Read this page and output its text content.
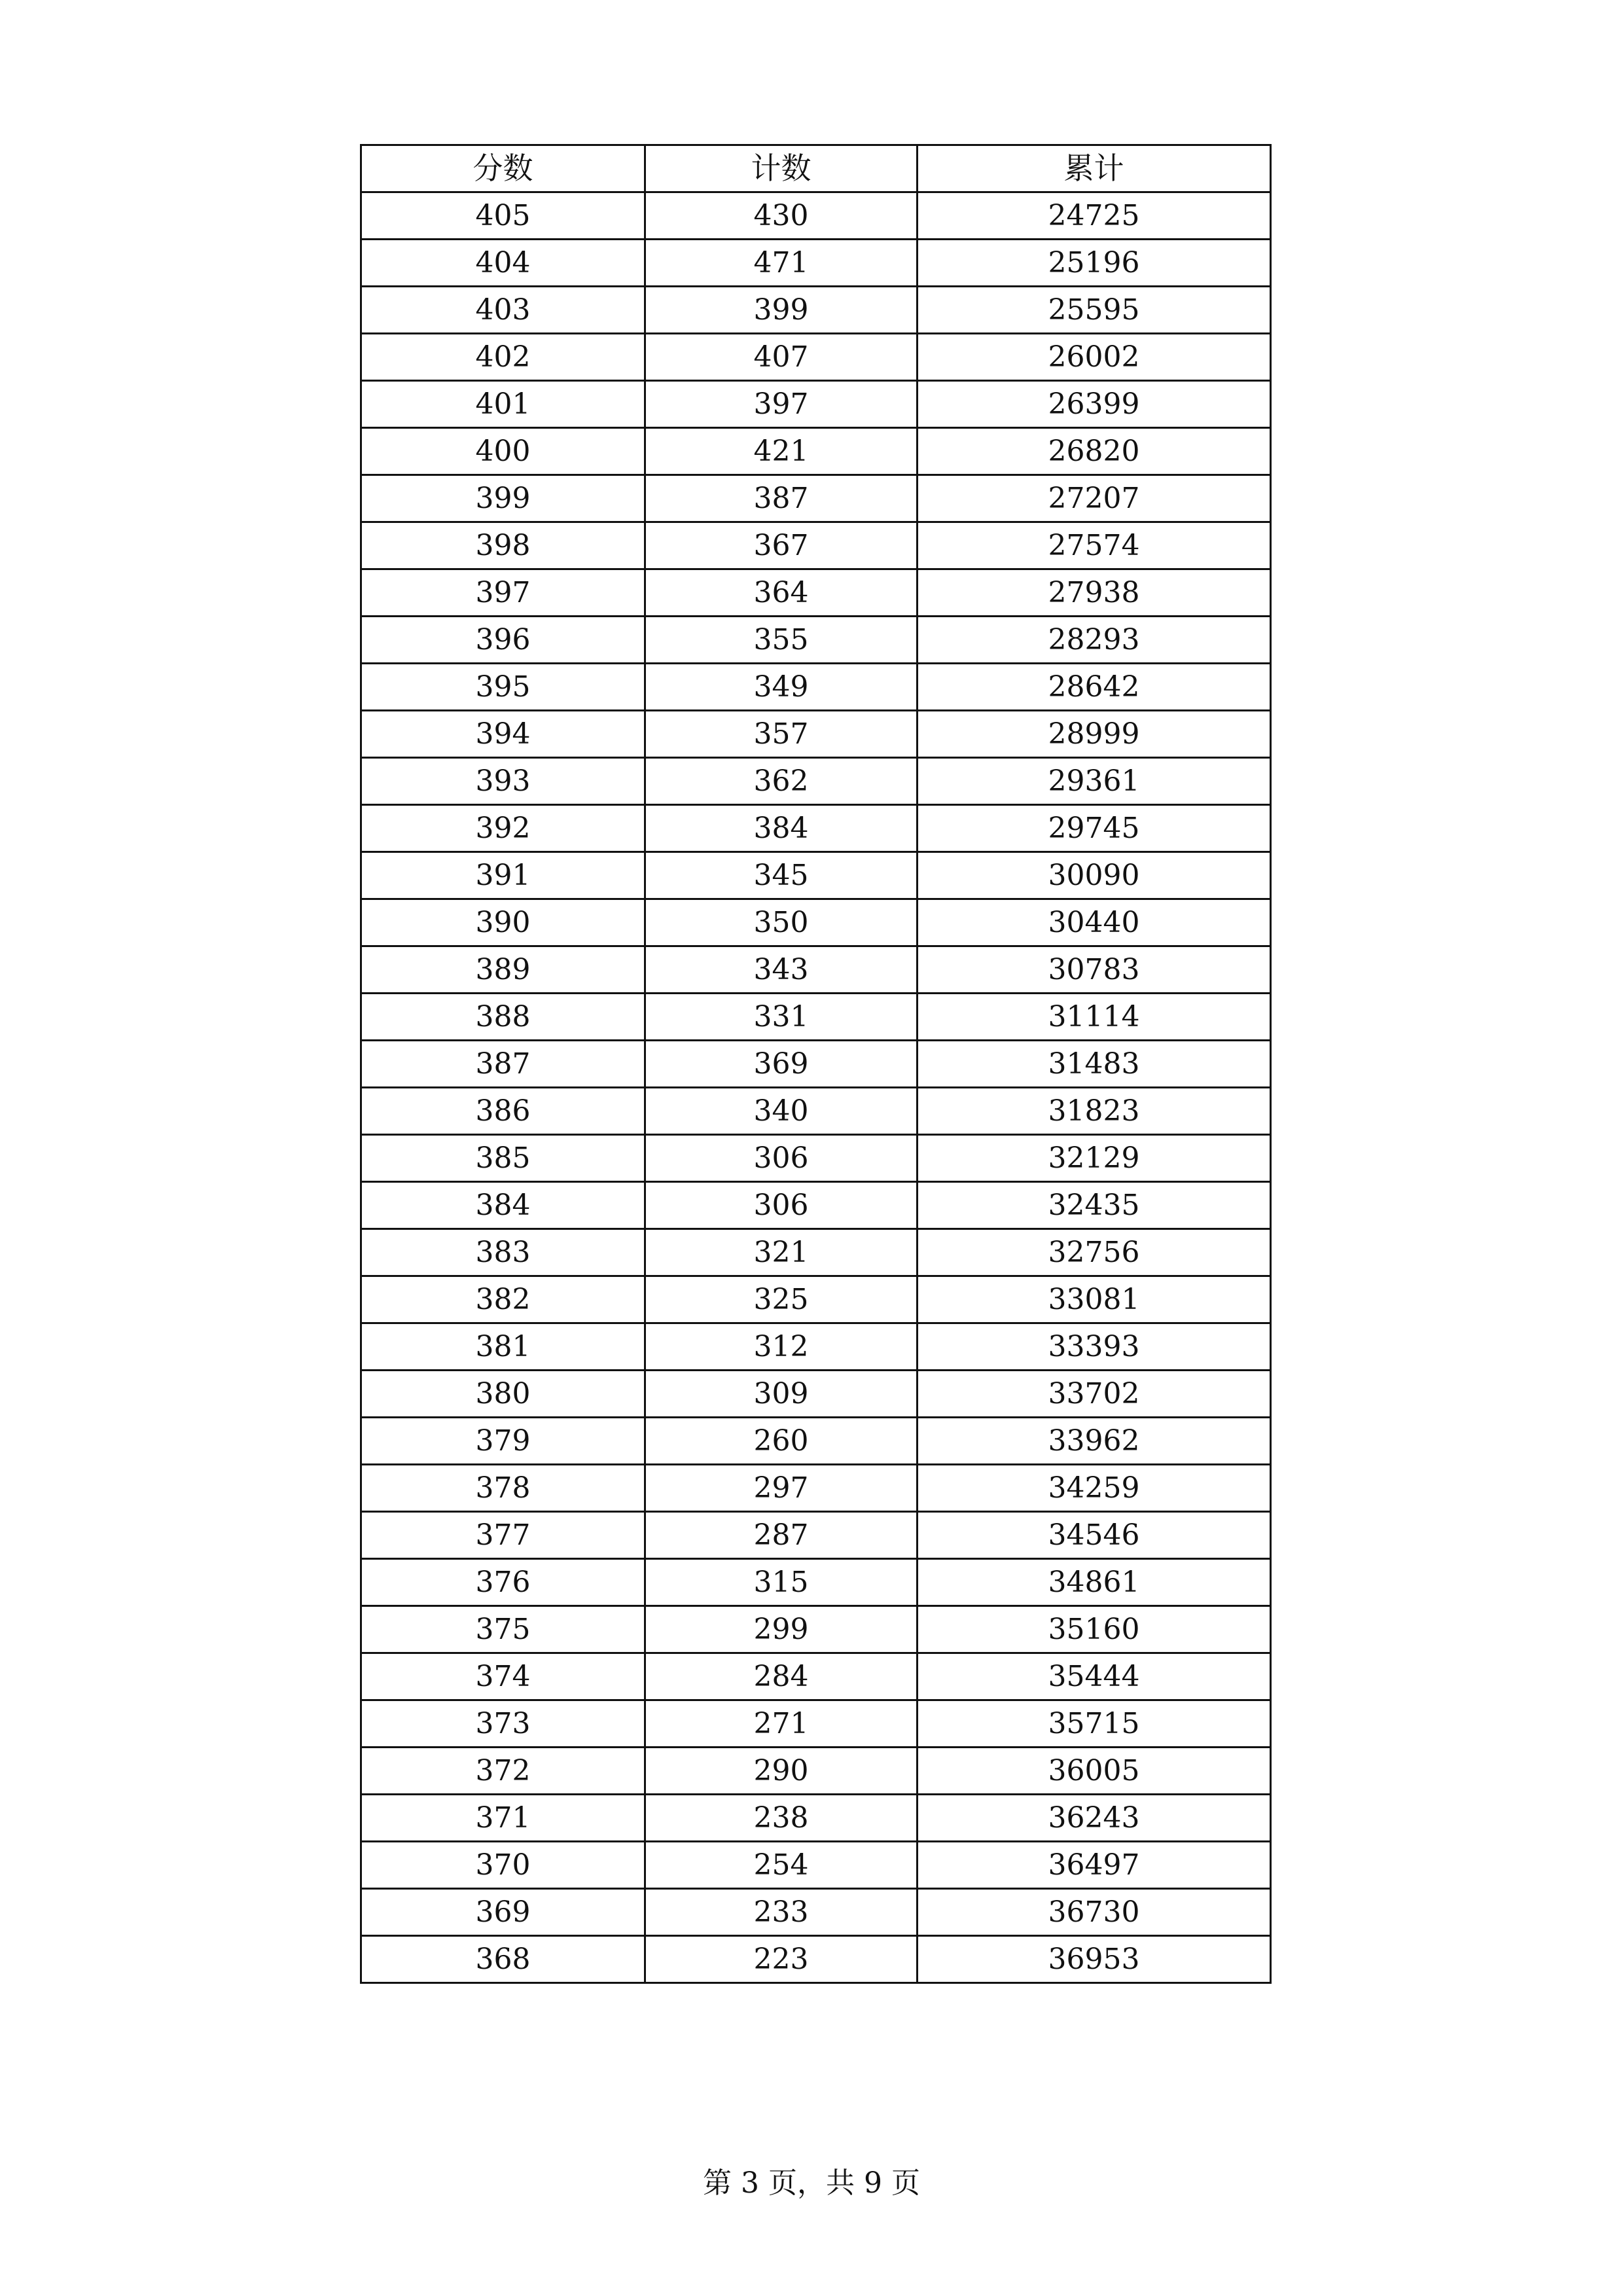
分数	计数	累计
405	430	24725
404	471	25196
403	399	25595
402	407	26002
401	397	26399
400	421	26820
399	387	27207
398	367	27574
397	364	27938
396	355	28293
395	349	28642
394	357	28999
393	362	29361
392	384	29745
391	345	30090
390	350	30440
389	343	30783
388	331	31114
387	369	31483
386	340	31823
385	306	32129
384	306	32435
383	321	32756
382	325	33081
381	312	33393
380	309	33702
379	260	33962
378	297	34259
377	287	34546
376	315	34861
375	299	35160
374	284	35444
373	271	35715
372	290	36005
371	238	36243
370	254	36497
369	233	36730
368	223	36953
第 3 页，共 9 页
